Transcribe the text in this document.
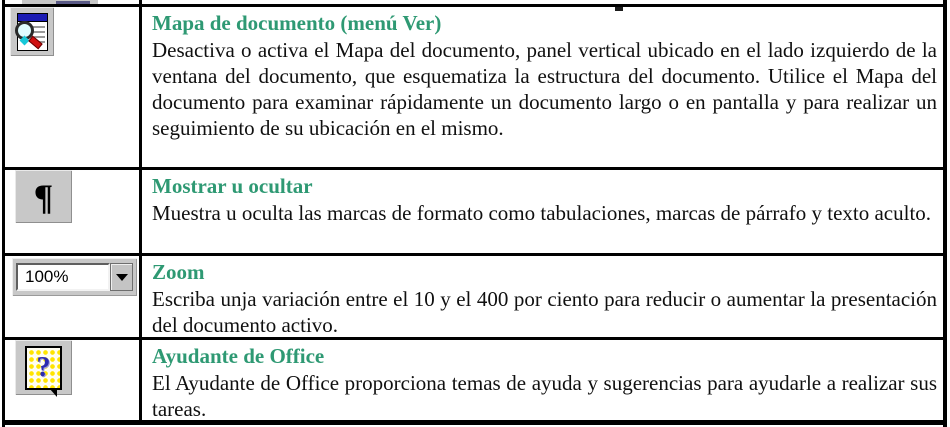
Mapa de documento (menú Ver)
Desactiva o activa el Mapa del documento, panel vertical ubicado en el lado izquierdo de la ventana del documento, que esquematiza la estructura del documento. Utilice el Mapa del documento para examinar rápidamente un documento largo o en pantalla y para realizar un seguimiento de su ubicación en el mismo.
¶	Mostrar u ocultar
Muestra u oculta las marcas de formato como tabulaciones, marcas de párrafo y texto aculto.
100%	Zoom
Escriba unja variación entre el 10 y el 400 por ciento para reducir o aumentar la presentación del documento activo.
?	Ayudante de Office
El Ayudante de Office proporciona temas de ayuda y sugerencias para ayudarle a realizar sus tareas.
